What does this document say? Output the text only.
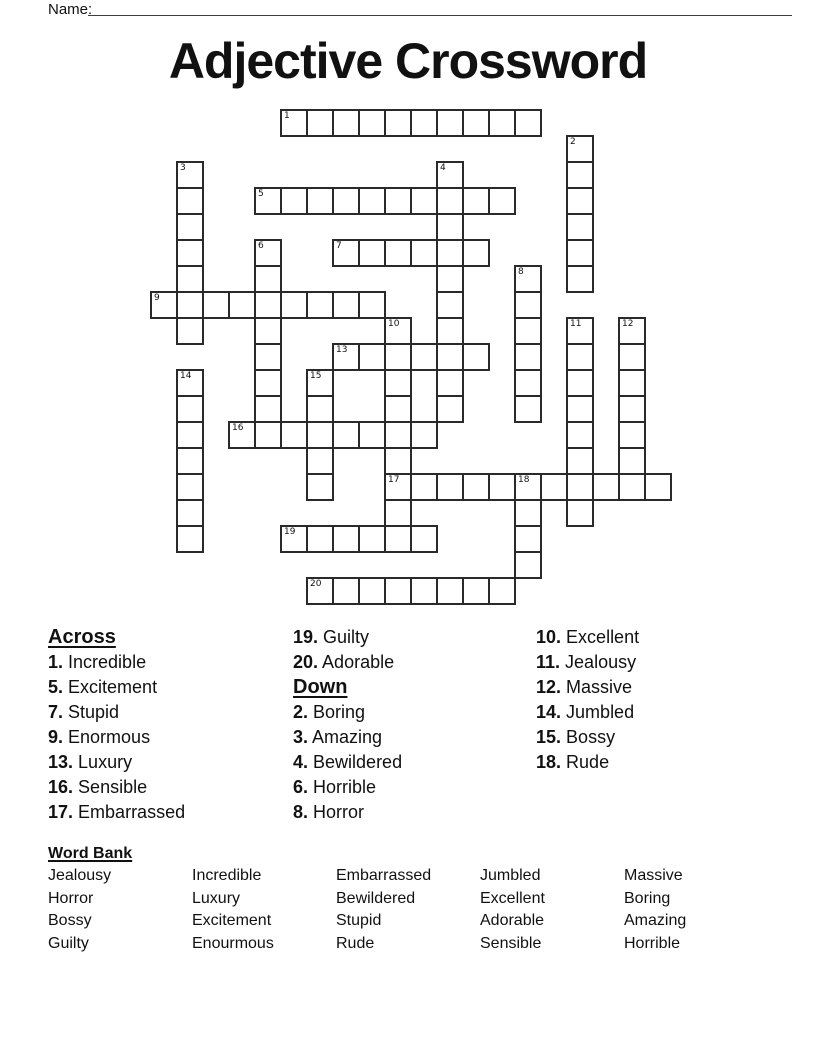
Name:
Adjective Crossword
1
2
3	4
5
6	7
8
9
10
17
11	12
13
14	15
16
18
19
20
Across
1. Incredible
5. Excitement
7. Stupid
9. Enormous
13. Luxury
16. Sensible
17. Embarrassed
19. Guilty
20. Adorable
Down
2. Boring
3. Amazing
4. Bewildered
6. Horrible
8. Horror
10. Excellent
11. Jealousy
12. Massive
14. Jumbled
15. Bossy
18. Rude
Word Bank
Jealousy
Horror
Bossy
Guilty
Incredible
Luxury
Excitement
Enourmous
Embarrassed
Bewildered
Stupid
Rude
Jumbled
Excellent
Adorable
Sensible
Massive
Boring
Amazing
Horrible
